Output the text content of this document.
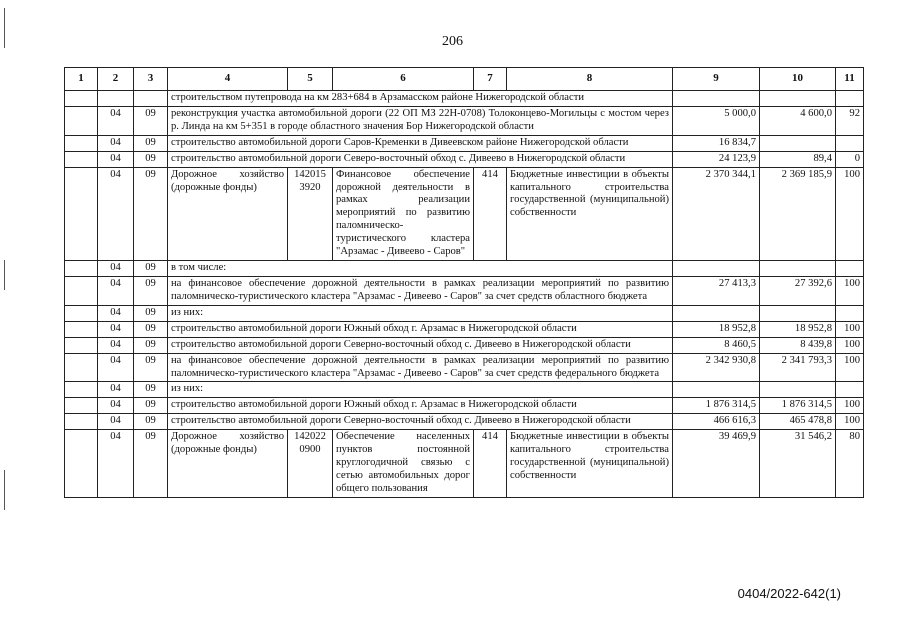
206
1	2	3	4	5	6	7	8	9	10	11
			строительством путепровода на км 283+684 в Арзамасском районе Нижегородской области							
	04	09	реконструкция участка автомобильной дороги (22 ОП МЗ 22Н-0708) Толоконцево-Могильцы с мостом через р. Линда на км 5+351 в городе областного значения Бор Нижегородской области					5 000,0	4 600,0	92
	04	09	строительство автомобильной дороги Саров-Кременки в Дивеевском районе Нижегородской области					16 834,7		
	04	09	строительство автомобильной дороги Северо-восточный обход с. Дивеево в Нижегородской области					24 123,9	89,4	0
	04	09	Дорожное хозяйство (дорожные фонды)	142015 3920	Финансовое обеспечение дорожной деятельности в рамках реализации мероприятий по развитию паломническо-туристического кластера "Арзамас - Дивеево - Саров"	414	Бюджетные инвестиции в объекты капитального строительства государственной (муниципальной) собственности	2 370 344,1	2 369 185,9	100
	04	09	в том числе:							
	04	09	на финансовое обеспечение дорожной деятельности в рамках реализации мероприятий по развитию паломническо-туристического кластера "Арзамас - Дивеево - Саров" за счет средств областного бюджета					27 413,3	27 392,6	100
	04	09	из них:							
	04	09	строительство автомобильной дороги Южный обход г. Арзамас в Нижегородской области					18 952,8	18 952,8	100
	04	09	строительство автомобильной дороги Северно-восточный обход с. Дивеево в Нижегородской области					8 460,5	8 439,8	100
	04	09	на финансовое обеспечение дорожной деятельности в рамках реализации мероприятий по развитию паломническо-туристического кластера "Арзамас - Дивеево - Саров" за счет средств федерального бюджета					2 342 930,8	2 341 793,3	100
	04	09	из них:							
	04	09	строительство автомобильной дороги Южный обход г. Арзамас в Нижегородской области					1 876 314,5	1 876 314,5	100
	04	09	строительство автомобильной дороги Северно-восточный обход с. Дивеево в Нижегородской области					466 616,3	465 478,8	100
	04	09	Дорожное хозяйство (дорожные фонды)	142022 0900	Обеспечение населенных пунктов постоянной круглогодичной связью с сетью автомобильных дорог общего пользования	414	Бюджетные инвестиции в объекты капитального строительства государственной (муниципальной) собственности	39 469,9	31 546,2	80
0404/2022-642(1)
